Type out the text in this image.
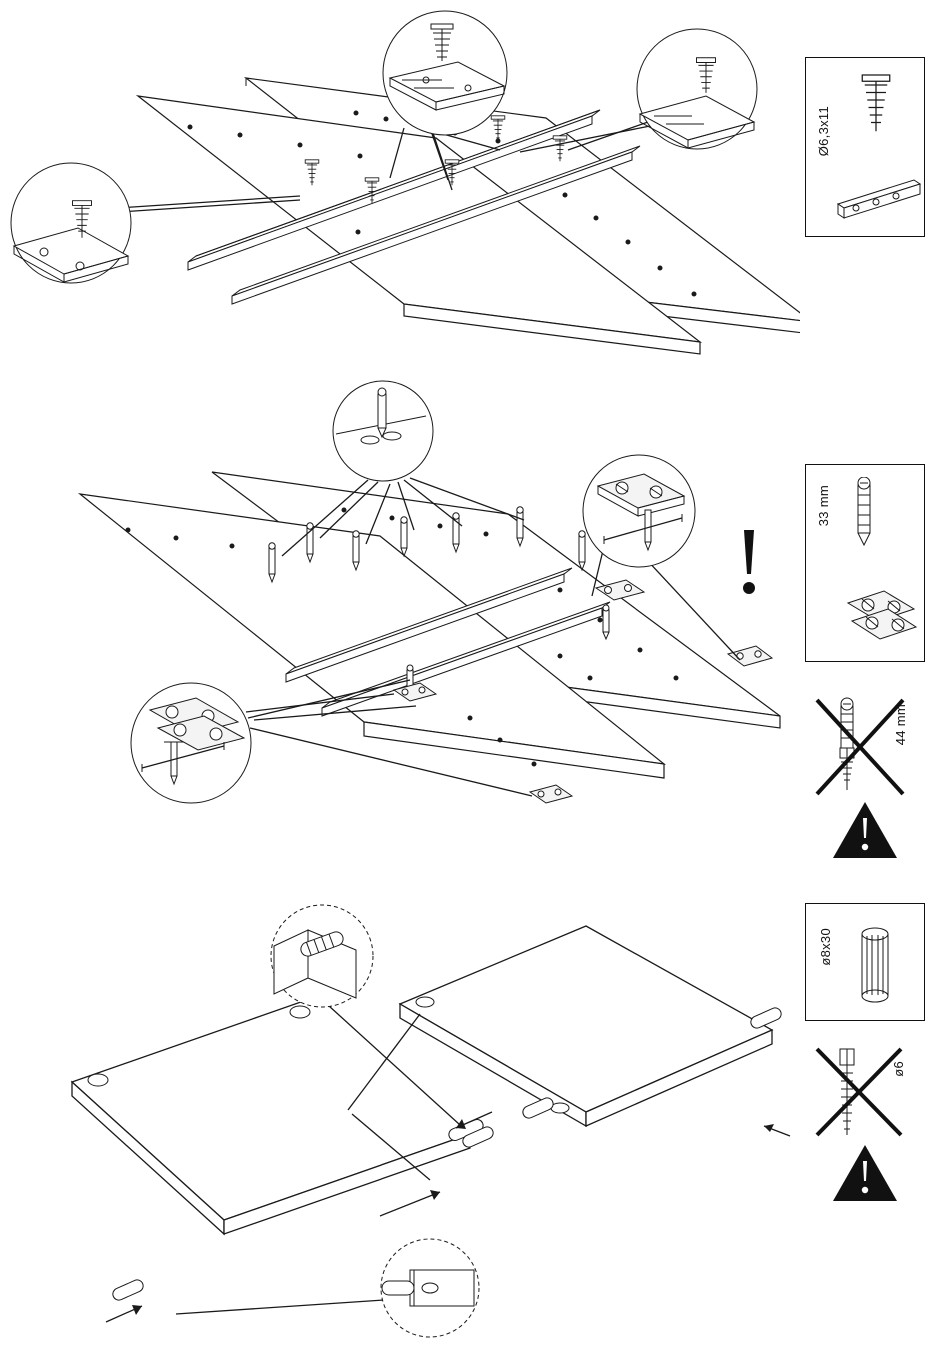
Ø6,3x11
33 mm
ø8x30
44 mm
ø6
